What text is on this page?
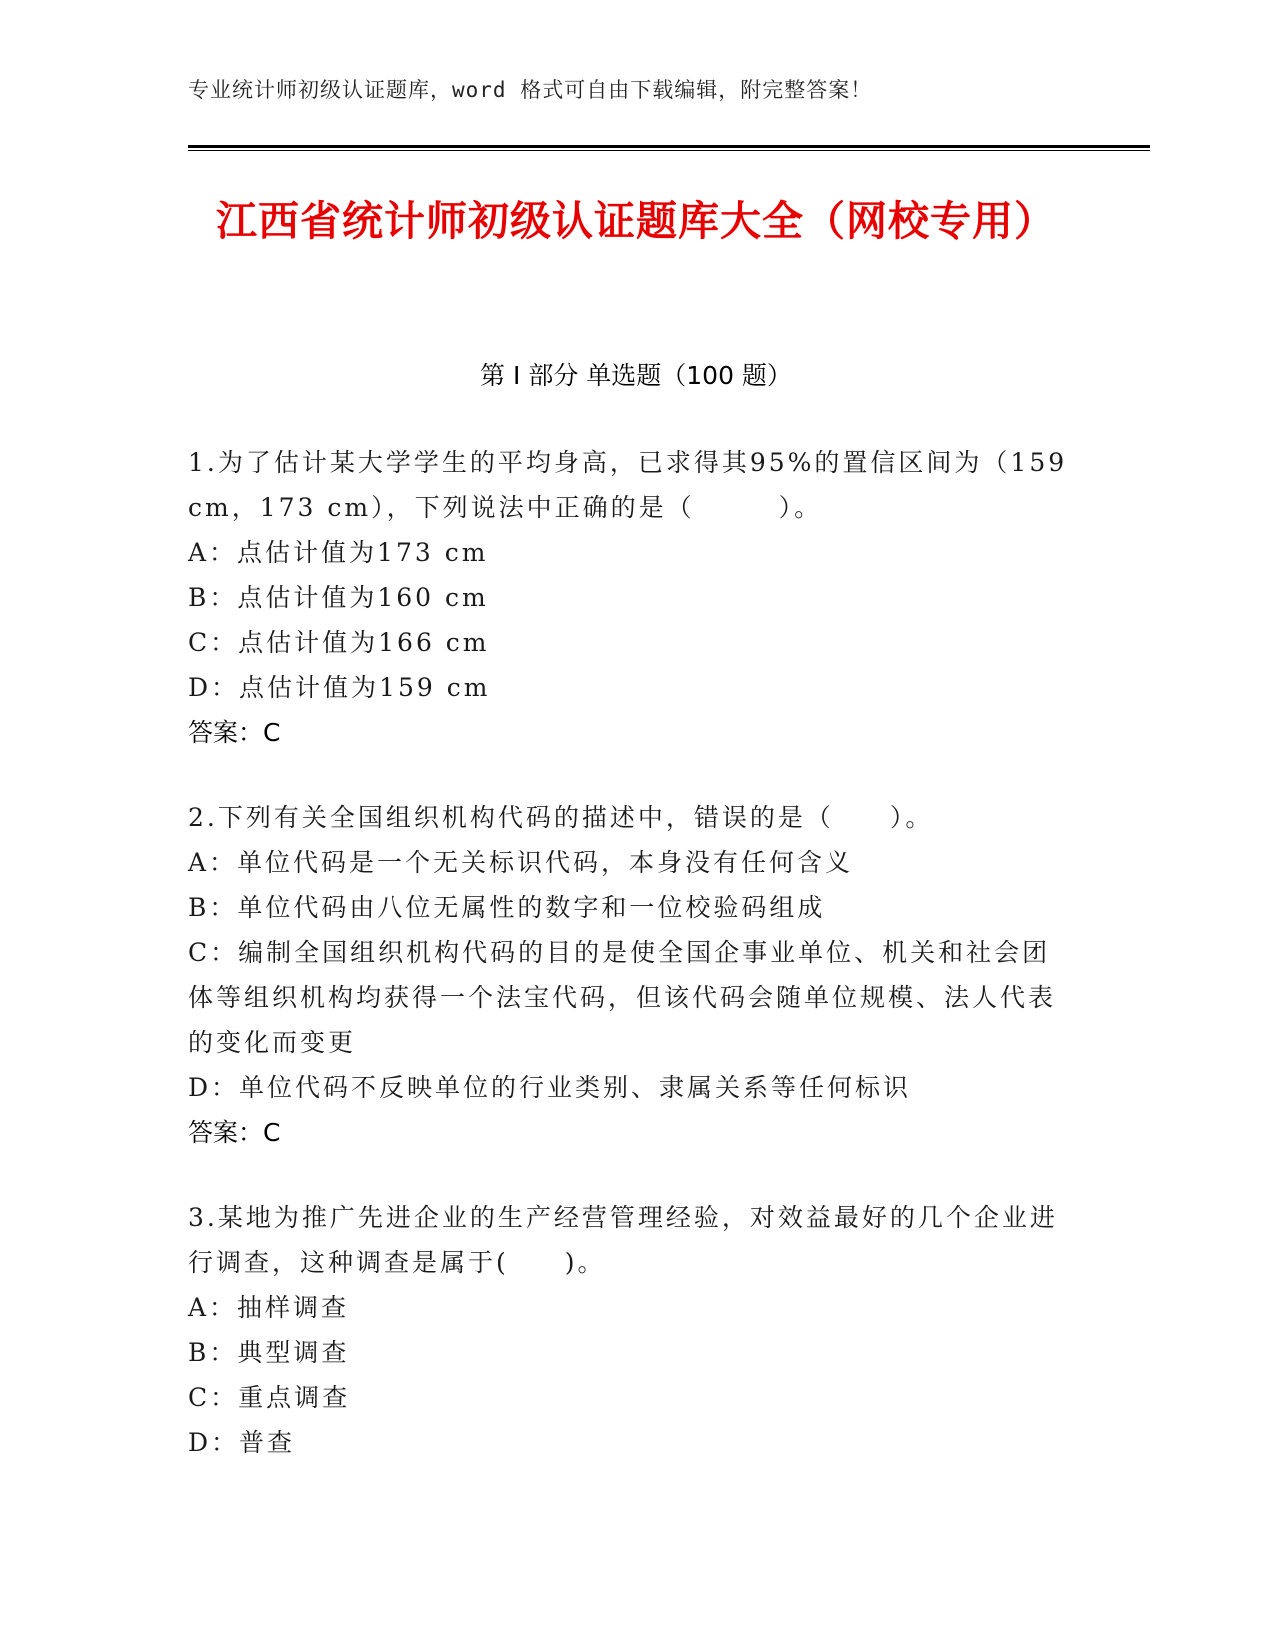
专业统计师初级认证题库，word 格式可自由下载编辑，附完整答案！
江西省统计师初级认证题库大全（网校专用）
第 I 部分 单选题（100 题）
1.为了估计某大学学生的平均身高，已求得其95%的置信区间为（159 cm，173 cm），下列说法中正确的是（　　　）。
A：点估计值为173 cm
B：点估计值为160 cm
C：点估计值为166 cm
D：点估计值为159 cm
答案：C
2.下列有关全国组织机构代码的描述中，错误的是（　　）。
A：单位代码是一个无关标识代码，本身没有任何含义
B：单位代码由八位无属性的数字和一位校验码组成
C：编制全国组织机构代码的目的是使全国企事业单位、机关和社会团体等组织机构均获得一个法宝代码，但该代码会随单位规模、法人代表的变化而变更
D：单位代码不反映单位的行业类别、隶属关系等任何标识
答案：C
3.某地为推广先进企业的生产经营管理经验，对效益最好的几个企业进行调查，这种调查是属于(　　)。
A：抽样调查
B：典型调查
C：重点调查
D：普查
